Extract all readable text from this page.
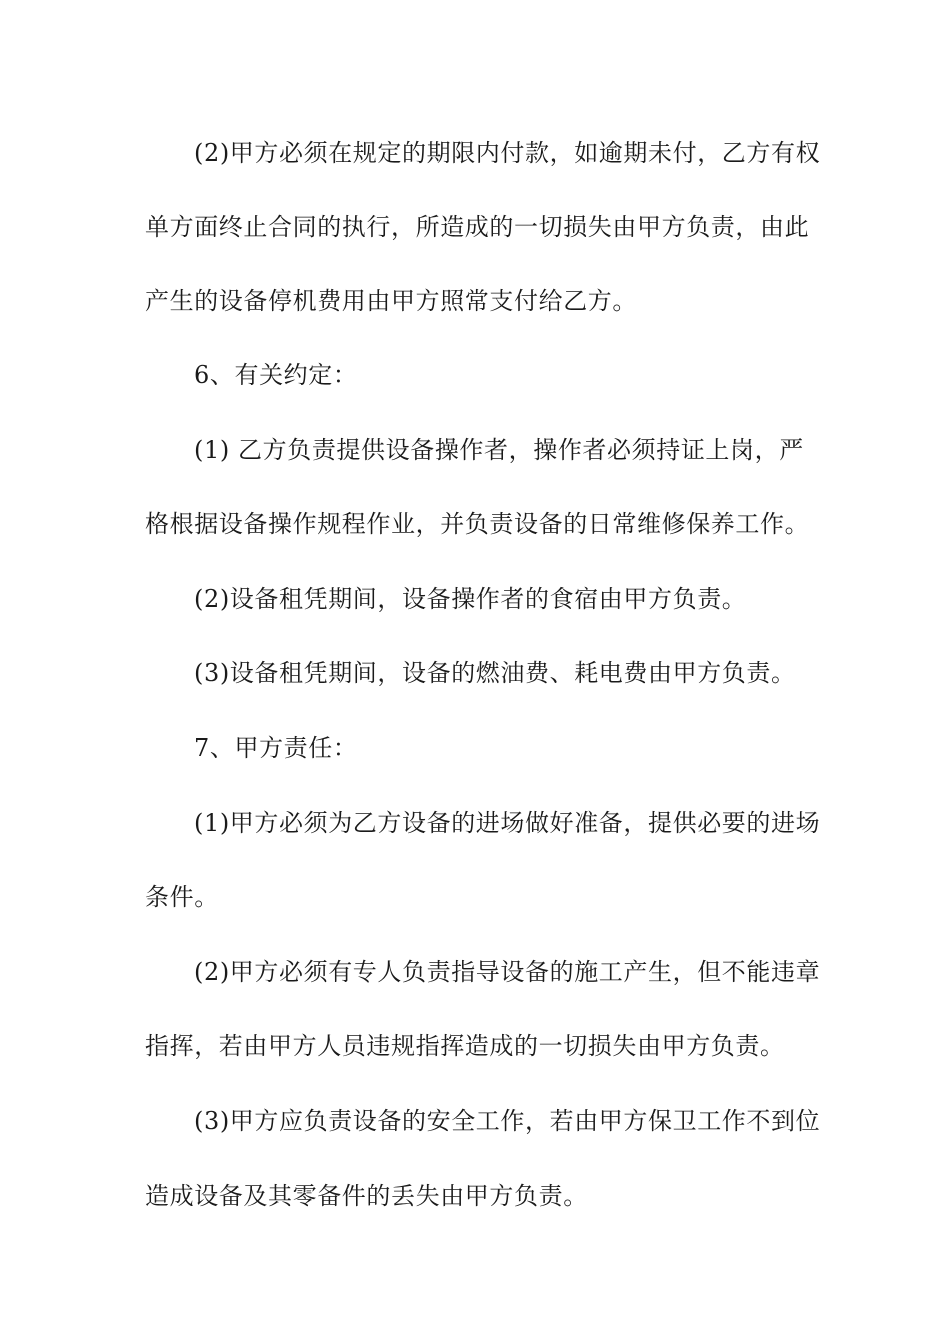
(2)甲方必须在规定的期限内付款，如逾期未付，乙方有权
单方面终止合同的执行，所造成的一切损失由甲方负责，由此
产生的设备停机费用由甲方照常支付给乙方。
6、有关约定：
(1) 乙方负责提供设备操作者，操作者必须持证上岗，严
格根据设备操作规程作业，并负责设备的日常维修保养工作。
(2)设备租凭期间，设备操作者的食宿由甲方负责。
(3)设备租凭期间，设备的燃油费、耗电费由甲方负责。
7、甲方责任：
(1)甲方必须为乙方设备的进场做好准备，提供必要的进场
条件。
(2)甲方必须有专人负责指导设备的施工产生，但不能违章
指挥，若由甲方人员违规指挥造成的一切损失由甲方负责。
(3)甲方应负责设备的安全工作，若由甲方保卫工作不到位
造成设备及其零备件的丢失由甲方负责。
